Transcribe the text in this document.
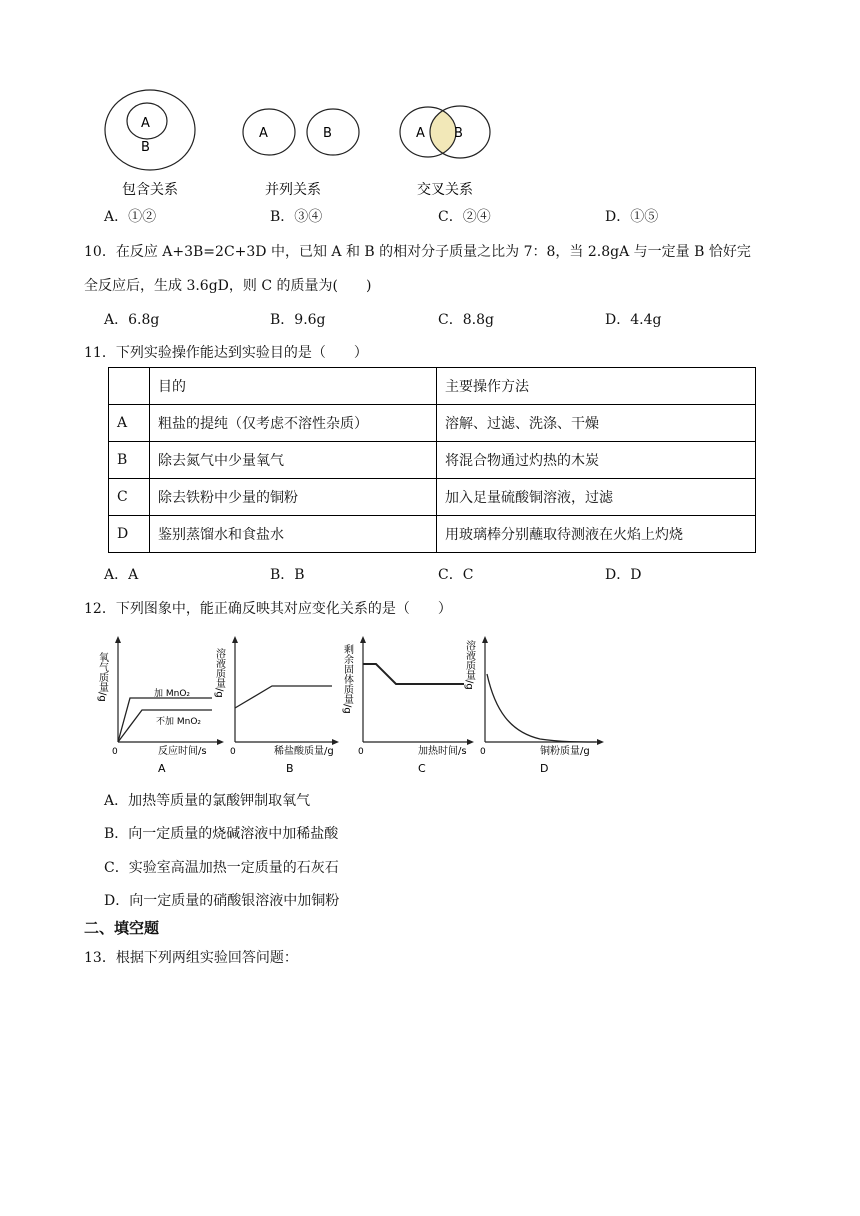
A
B
A	B	A B
包含关系	并列关系	交叉关系
A．①②	B．③④	C．②④	D．①⑤
10．在反应 A+3B=2C+3D 中，已知 A 和 B 的相对分子质量之比为 7：8，当 2.8gA 与一定量 B 恰好完
全反应后，生成 3.6gD，则 C 的质量为(　　)
A．6.8g	B．9.6g	C．8.8g	D．4.4g
11．下列实验操作能达到实验目的是（　　）
	目的	主要操作方法
A	粗盐的提纯（仅考虑不溶性杂质）	溶解、过滤、洗涤、干燥
B	除去氮气中少量氧气	将混合物通过灼热的木炭
C	除去铁粉中少量的铜粉	加入足量硫酸铜溶液，过滤
D	鉴别蒸馏水和食盐水	用玻璃棒分别蘸取待测液在火焰上灼烧
A．A	B．B	C．C	D．D
12．下列图象中，能正确反映其对应变化关系的是（　　）
氧气质量/g
0	反应时间/s
加 MnO₂
不加 MnO₂
A
溶液质量/g
0	稀盐酸质量/g
B
剩余固体质量/g
0	加热时间/s
C
溶液质量/g
0	铜粉质量/g
D
A．加热等质量的氯酸钾制取氧气
B．向一定质量的烧碱溶液中加稀盐酸
C．实验室高温加热一定质量的石灰石
D．向一定质量的硝酸银溶液中加铜粉
二、填空题
13．根据下列两组实验回答问题：
